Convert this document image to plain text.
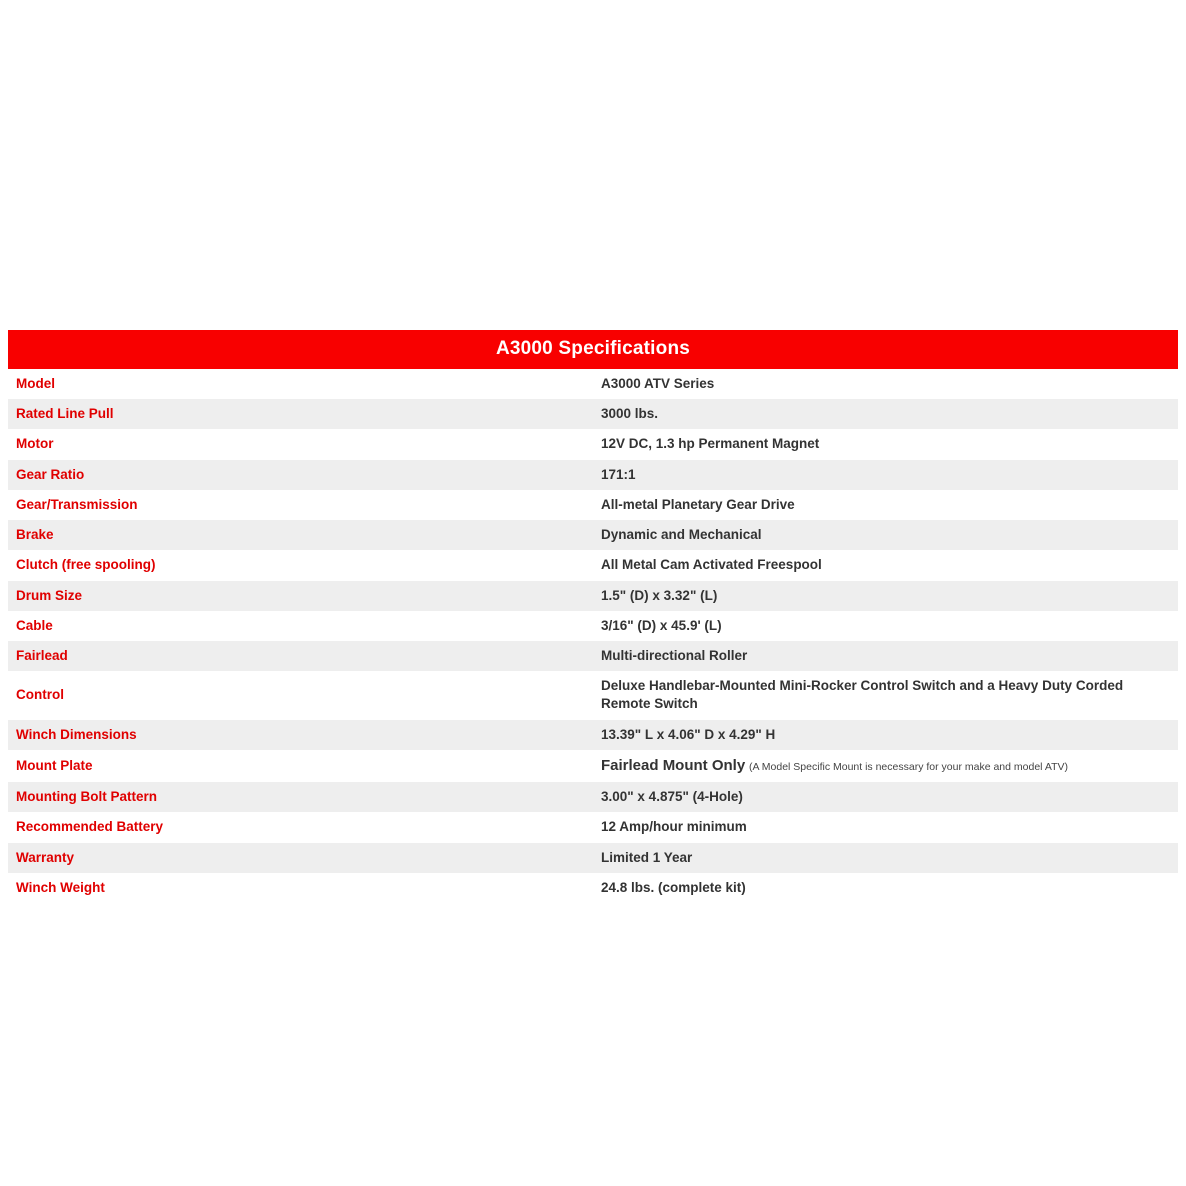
A3000 Specifications	
Model	A3000 ATV Series
Rated Line Pull	3000 lbs.
Motor	12V DC, 1.3 hp Permanent Magnet
Gear Ratio	171:1
Gear/Transmission	All-metal Planetary Gear Drive
Brake	Dynamic and Mechanical
Clutch (free spooling)	All Metal Cam Activated Freespool
Drum Size	1.5" (D) x 3.32" (L)
Cable	3/16" (D) x 45.9' (L)
Fairlead	Multi-directional Roller
Control	Deluxe Handlebar-Mounted Mini-Rocker Control Switch and a Heavy Duty Corded Remote Switch
Winch Dimensions	13.39" L x 4.06" D x 4.29" H
Mount Plate	Fairlead Mount Only (A Model Specific Mount is necessary for your make and model ATV)
Mounting Bolt Pattern	3.00" x 4.875" (4-Hole)
Recommended Battery	12 Amp/hour minimum
Warranty	Limited 1 Year
Winch Weight	24.8 lbs. (complete kit)
